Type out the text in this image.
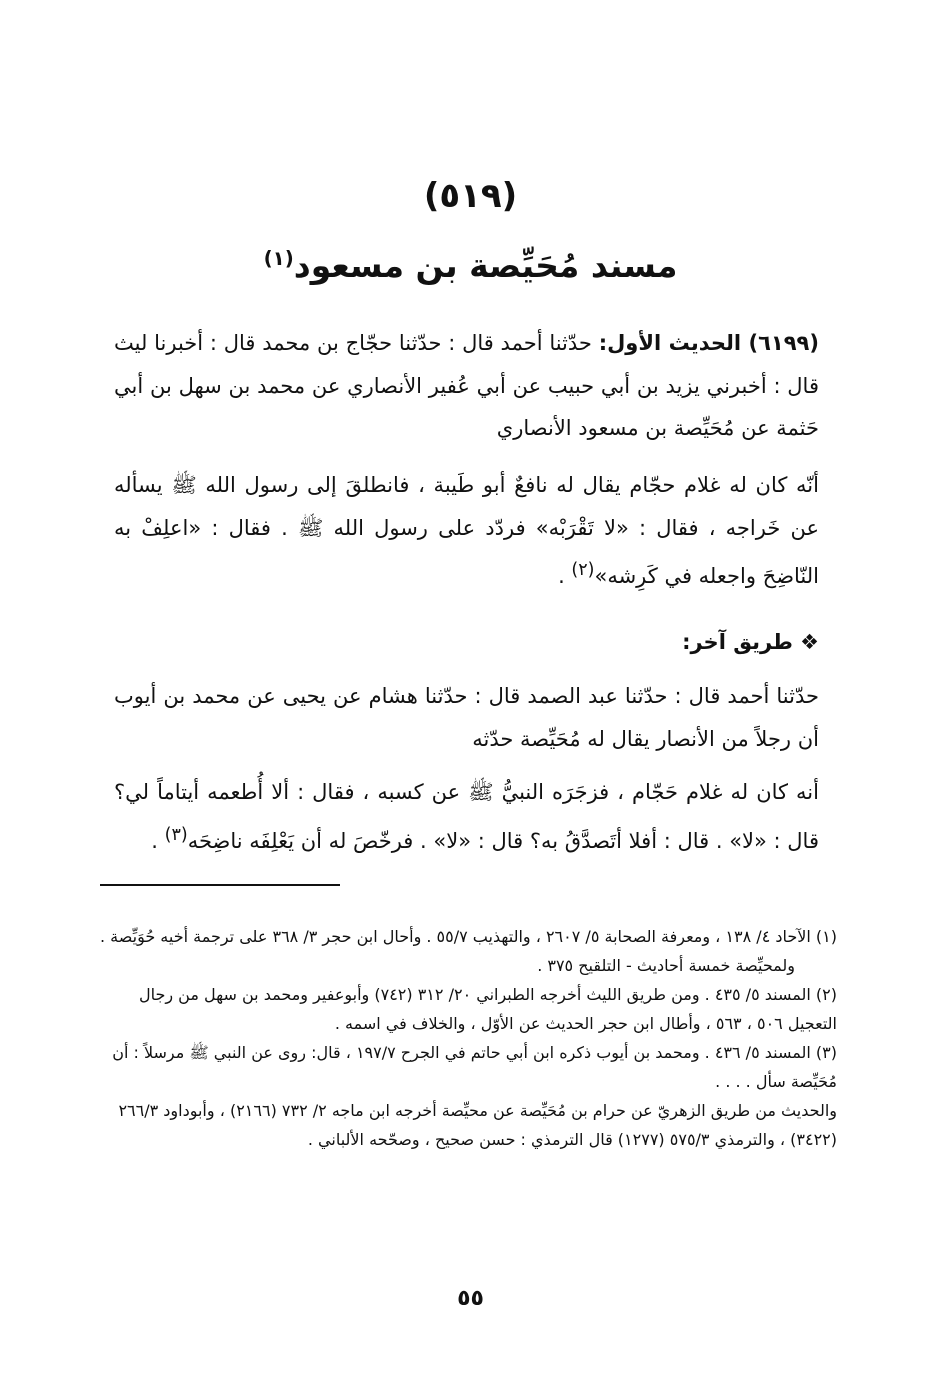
(٥١٩)
مسند مُحَيِّصة بن مسعود$^{(١)}$
(٦١٩٩) الحديث الأول: حدّثنا أحمد قال : حدّثنا حجّاج بن محمد قال : أخبرنا ليث قال : أخبرني يزيد بن أبي حبيب عن أبي عُفير الأنصاري عن محمد بن سهل بن أبي حَثمة عن مُحَيِّصة بن مسعود الأنصاري
أنّه كان له غلام حجّام يقال له نافعٌ أبو طَيبة ، فانطلقَ إلى رسول الله ﷺ يسأله عن خَراجه ، فقال : «لا تَقْرَبْه» فردّد على رسول الله ﷺ . فقال : «اعلِفْ به النّاضِحَ واجعله في كَرِشه»$^{(٢)}$ .
❖ طريق آخر:
حدّثنا أحمد قال : حدّثنا عبد الصمد قال : حدّثنا هشام عن يحيى عن محمد بن أيوب أن رجلاً من الأنصار يقال له مُحَيِّصة حدّثه
أنه كان له غلام حَجّام ، فزجَرَه النبيُّ ﷺ عن كسبه ، فقال : ألا أُطعمه أيتاماً لي؟ قال : «لا» . قال : أفلا أتَصدَّقُ به؟ قال : «لا» . فرخّصَ له أن يَعْلِفَه ناضِحَه$^{(٣)}$ .

(١) الآحاد ٤/ ١٣٨ ، ومعرفة الصحابة ٥/ ٢٦٠٧ ، والتهذيب ٥٥/٧ . وأحال ابن حجر ٣/ ٣٦٨ على ترجمة أخيه حُوَيِّصة .

ولمحيِّصة خمسة أحاديث - التلقيح ٣٧٥ .

(٢) المسند ٥/ ٤٣٥ . ومن طريق الليث أخرجه الطبراني ٢٠/ ٣١٢ (٧٤٢) وأبوعفير ومحمد بن سهل من رجال التعجيل ٥٠٦ ، ٥٦٣ ، وأطال ابن حجر الحديث عن الأوّل ، والخلاف في اسمه .

(٣) المسند ٥/ ٤٣٦ . ومحمد بن أيوب ذكره ابن أبي حاتم في الجرح ١٩٧/٧ ، قال: روى عن النبي ﷺ مرسلاً : أن مُحَيِّصة سأل . . . .

والحديث من طريق الزهريّ عن حرام بن مُحَيِّصة عن محيِّصة أخرجه ابن ماجه ٢/ ٧٣٢ (٢١٦٦) ، وأبوداود ٢٦٦/٣ (٣٤٢٢) ، والترمذي ٥٧٥/٣ (١٢٧٧) قال الترمذي : حسن صحيح ، وصحّحه الألباني .

٥٥
